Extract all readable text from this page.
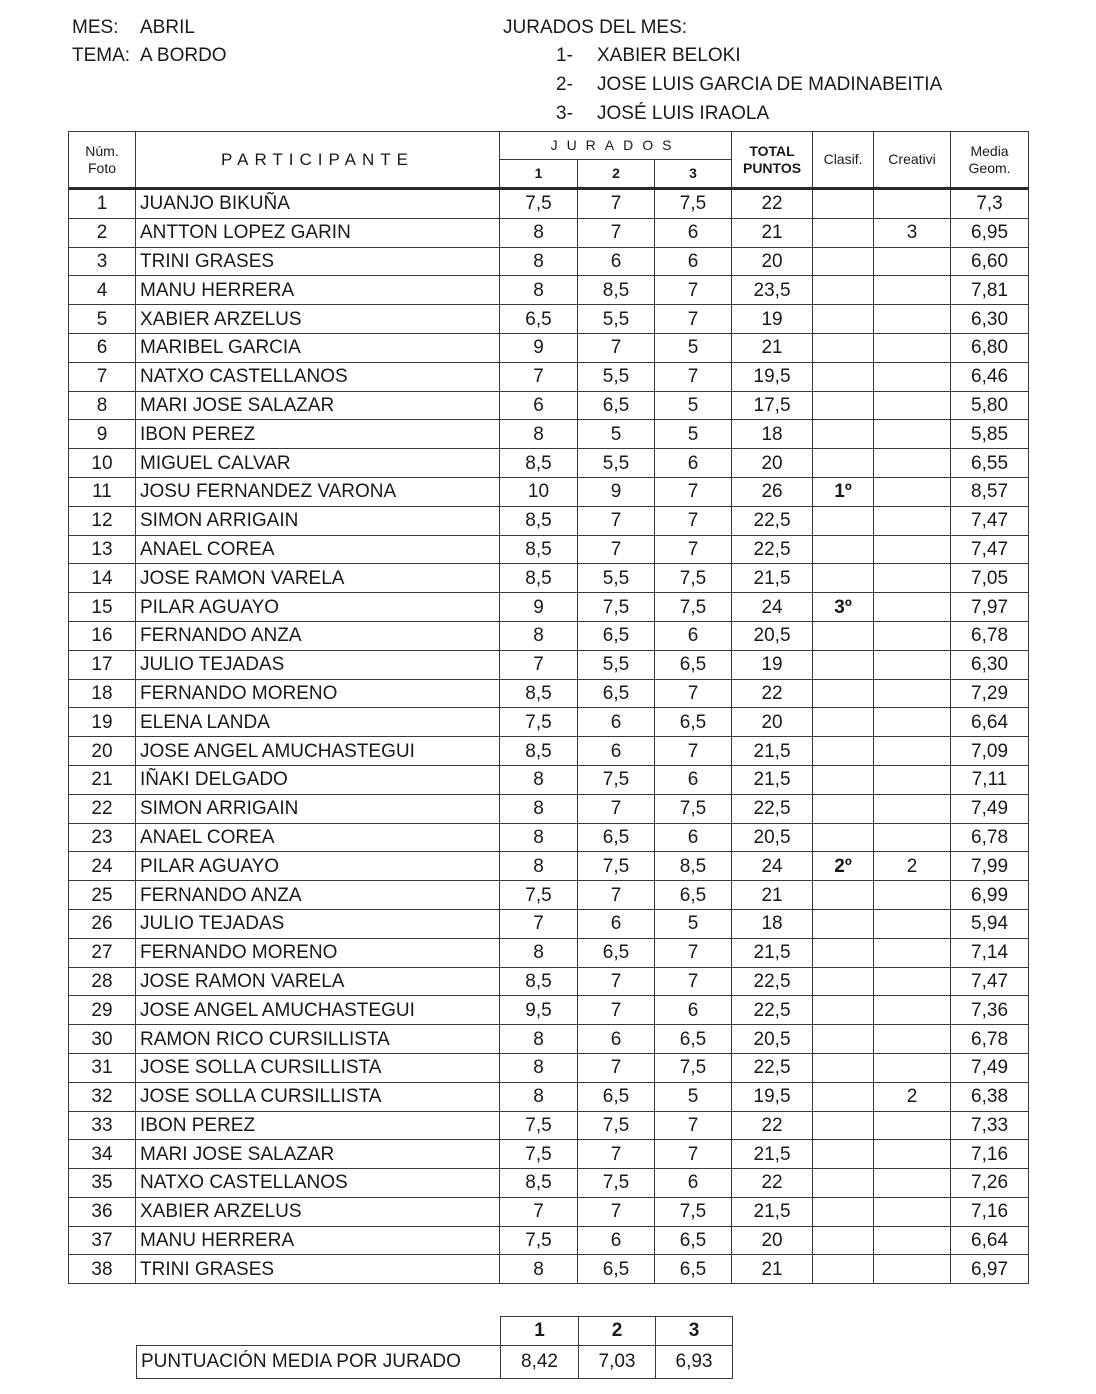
MES: ABRIL
TEMA: A BORDO
JURADOS DEL MES:
1- XABIER BELOKI
2- JOSE LUIS GARCIA DE MADINABEITIA
3- JOSÉ LUIS IRAOLA
Núm.
Foto	PARTICIPANTE	JURADOS			TOTAL
PUNTOS	Clasif.	Creativi	Media
Geom.
		1	2	3				
1	JUANJO BIKUÑA	7,5	7	7,5	22			7,3
2	ANTTON LOPEZ GARIN	8	7	6	21		3	6,95
3	TRINI GRASES	8	6	6	20			6,60
4	MANU HERRERA	8	8,5	7	23,5			7,81
5	XABIER ARZELUS	6,5	5,5	7	19			6,30
6	MARIBEL GARCIA	9	7	5	21			6,80
7	NATXO CASTELLANOS	7	5,5	7	19,5			6,46
8	MARI JOSE SALAZAR	6	6,5	5	17,5			5,80
9	IBON PEREZ	8	5	5	18			5,85
10	MIGUEL CALVAR	8,5	5,5	6	20			6,55
11	JOSU FERNANDEZ VARONA	10	9	7	26	1º		8,57
12	SIMON ARRIGAIN	8,5	7	7	22,5			7,47
13	ANAEL COREA	8,5	7	7	22,5			7,47
14	JOSE RAMON VARELA	8,5	5,5	7,5	21,5			7,05
15	PILAR AGUAYO	9	7,5	7,5	24	3º		7,97
16	FERNANDO ANZA	8	6,5	6	20,5			6,78
17	JULIO TEJADAS	7	5,5	6,5	19			6,30
18	FERNANDO MORENO	8,5	6,5	7	22			7,29
19	ELENA LANDA	7,5	6	6,5	20			6,64
20	JOSE ANGEL AMUCHASTEGUI	8,5	6	7	21,5			7,09
21	IÑAKI DELGADO	8	7,5	6	21,5			7,11
22	SIMON ARRIGAIN	8	7	7,5	22,5			7,49
23	ANAEL COREA	8	6,5	6	20,5			6,78
24	PILAR AGUAYO	8	7,5	8,5	24	2º	2	7,99
25	FERNANDO ANZA	7,5	7	6,5	21			6,99
26	JULIO TEJADAS	7	6	5	18			5,94
27	FERNANDO MORENO	8	6,5	7	21,5			7,14
28	JOSE RAMON VARELA	8,5	7	7	22,5			7,47
29	JOSE ANGEL AMUCHASTEGUI	9,5	7	6	22,5			7,36
30	RAMON RICO CURSILLISTA	8	6	6,5	20,5			6,78
31	JOSE SOLLA CURSILLISTA	8	7	7,5	22,5			7,49
32	JOSE SOLLA CURSILLISTA	8	6,5	5	19,5		2	6,38
33	IBON PEREZ	7,5	7,5	7	22			7,33
34	MARI JOSE SALAZAR	7,5	7	7	21,5			7,16
35	NATXO CASTELLANOS	8,5	7,5	6	22			7,26
36	XABIER ARZELUS	7	7	7,5	21,5			7,16
37	MANU HERRERA	7,5	6	6,5	20			6,64
38	TRINI GRASES	8	6,5	6,5	21			6,97
	1	2	3
PUNTUACIÓN MEDIA POR JURADO	8,42	7,03	6,93
